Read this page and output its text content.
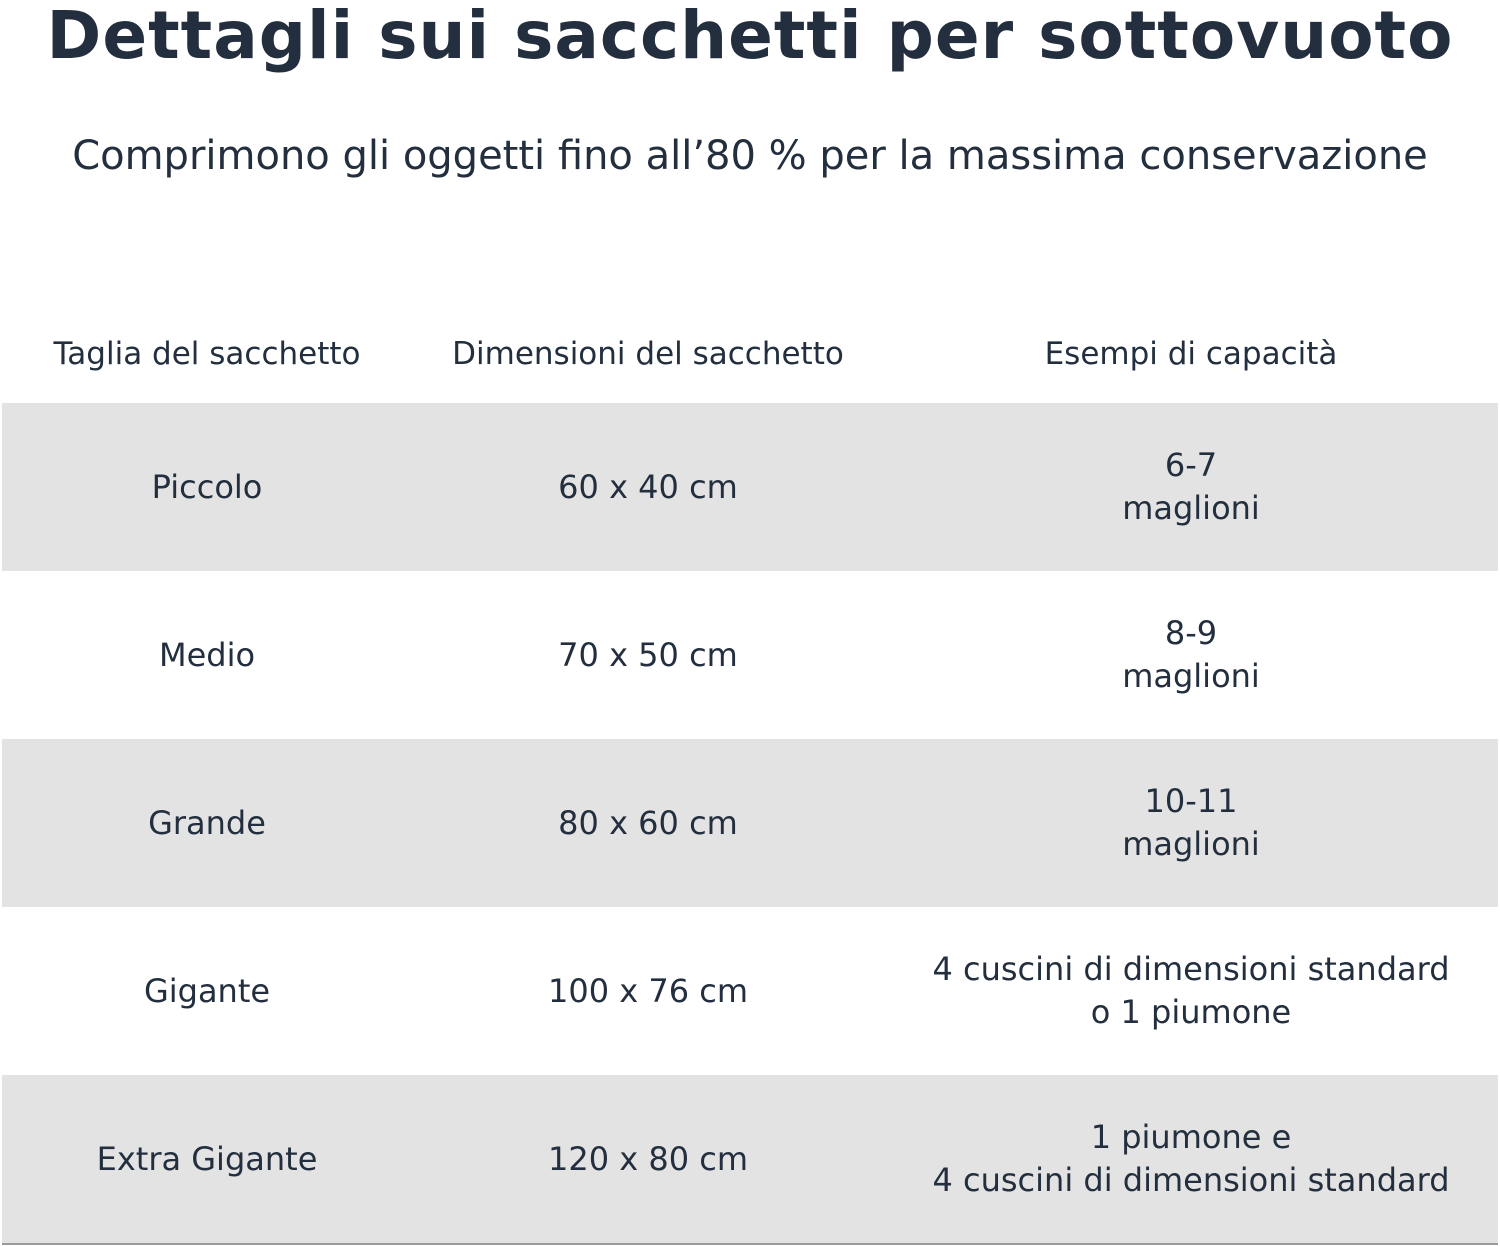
Dettagli sui sacchetti per sottovuoto
Comprimono gli oggetti fino all’80 % per la massima conservazione
Taglia del sacchetto	Dimensioni del sacchetto	Esempi di capacità
Piccolo	60 x 40 cm
6-7
maglioni
Medio	70 x 50 cm
8-9
maglioni
Grande	80 x 60 cm
10-11
maglioni
Gigante	100 x 76 cm
4 cuscini di dimensioni standard
o 1 piumone
Extra Gigante	120 x 80 cm
1 piumone e
4 cuscini di dimensioni standard
